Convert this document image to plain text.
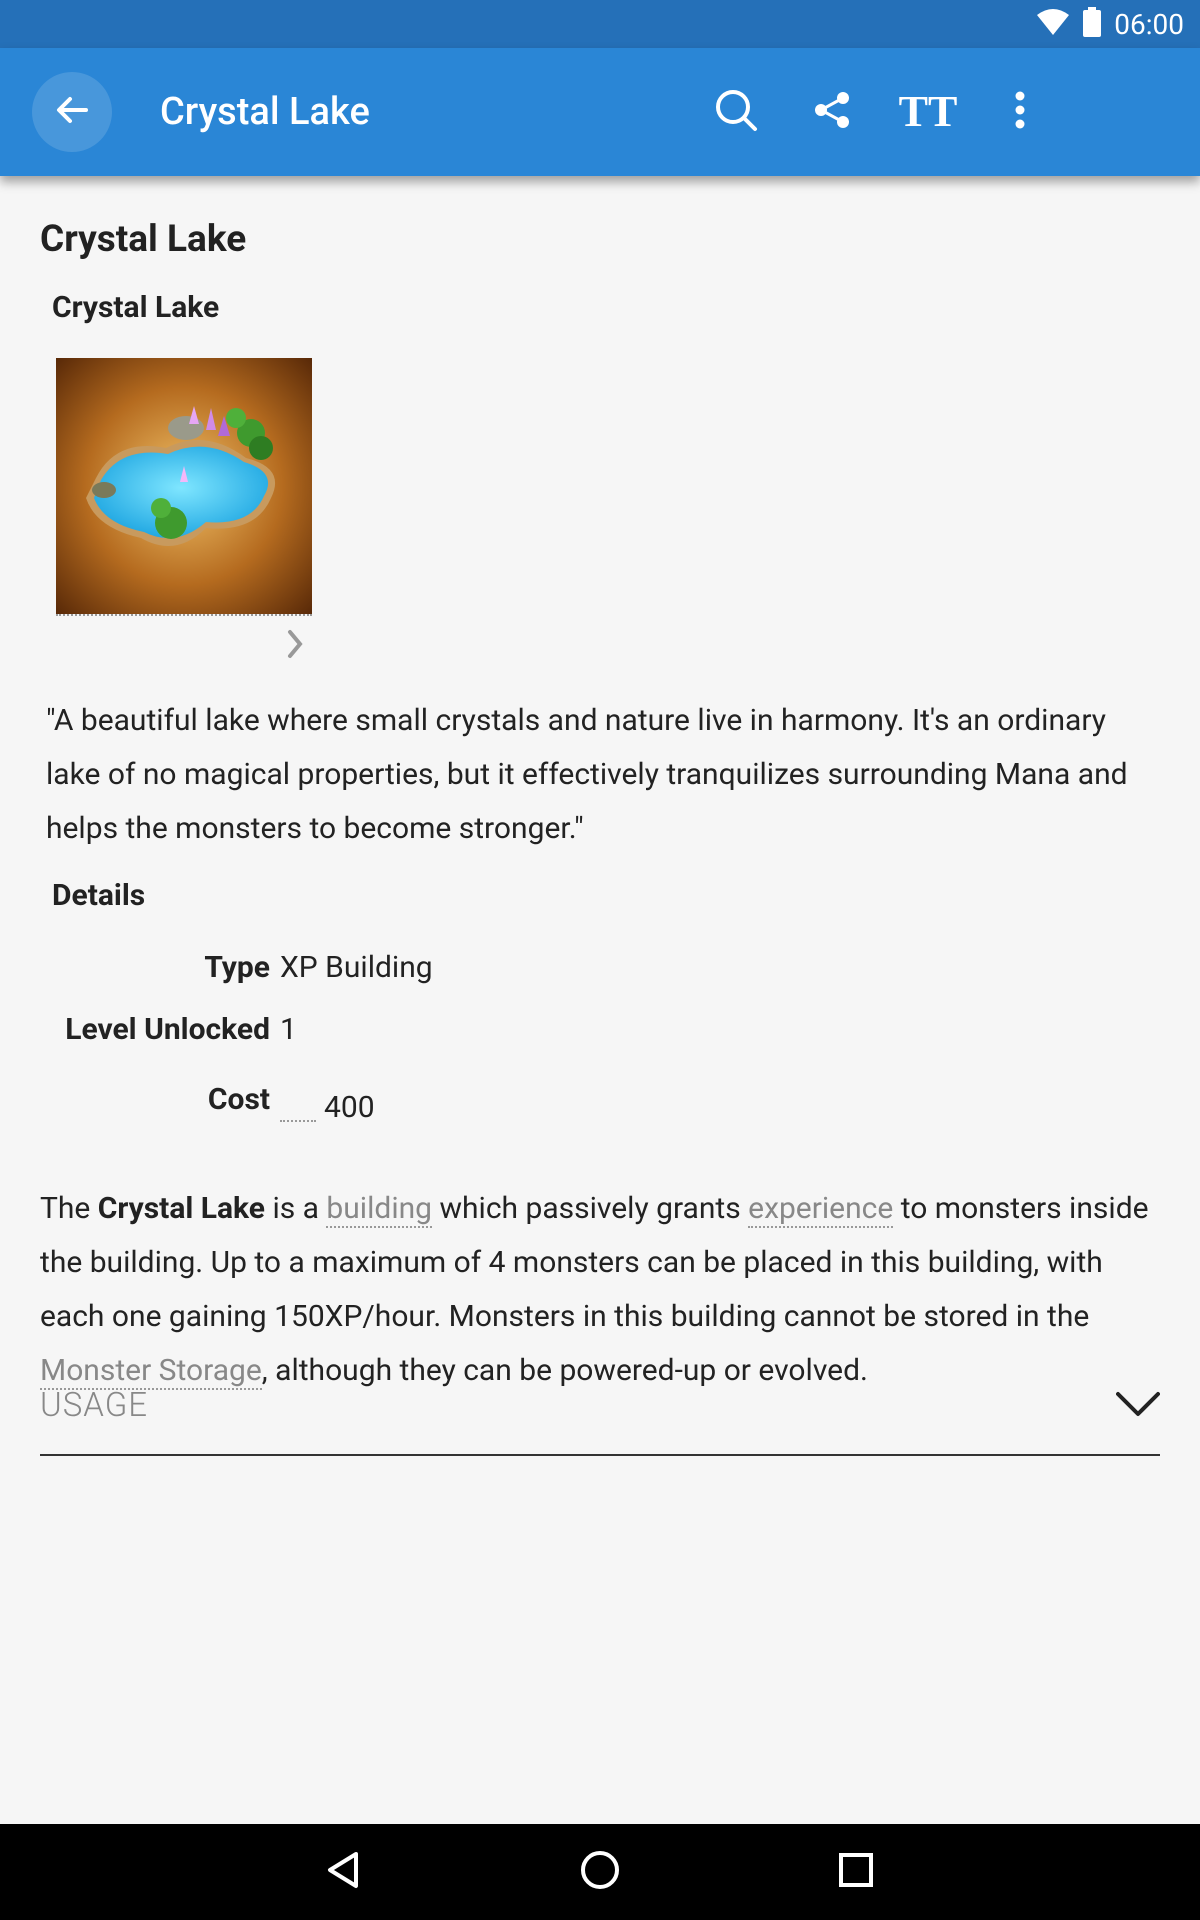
06:00
Crystal Lake	TT
Crystal Lake
Crystal Lake
"A beautiful lake where small crystals and nature live in harmony. It's an ordinary lake of no magical properties, but it effectively tranquilizes surrounding Mana and helps the monsters to become stronger."
Details
Type XP Building
Level Unlocked 1
Cost 400
The Crystal Lake is a building which passively grants experience to monsters inside the building. Up to a maximum of 4 monsters can be placed in this building, with each one gaining 150XP/hour. Monsters in this building cannot be stored in the Monster Storage, although they can be powered-up or evolved.
USAGE
